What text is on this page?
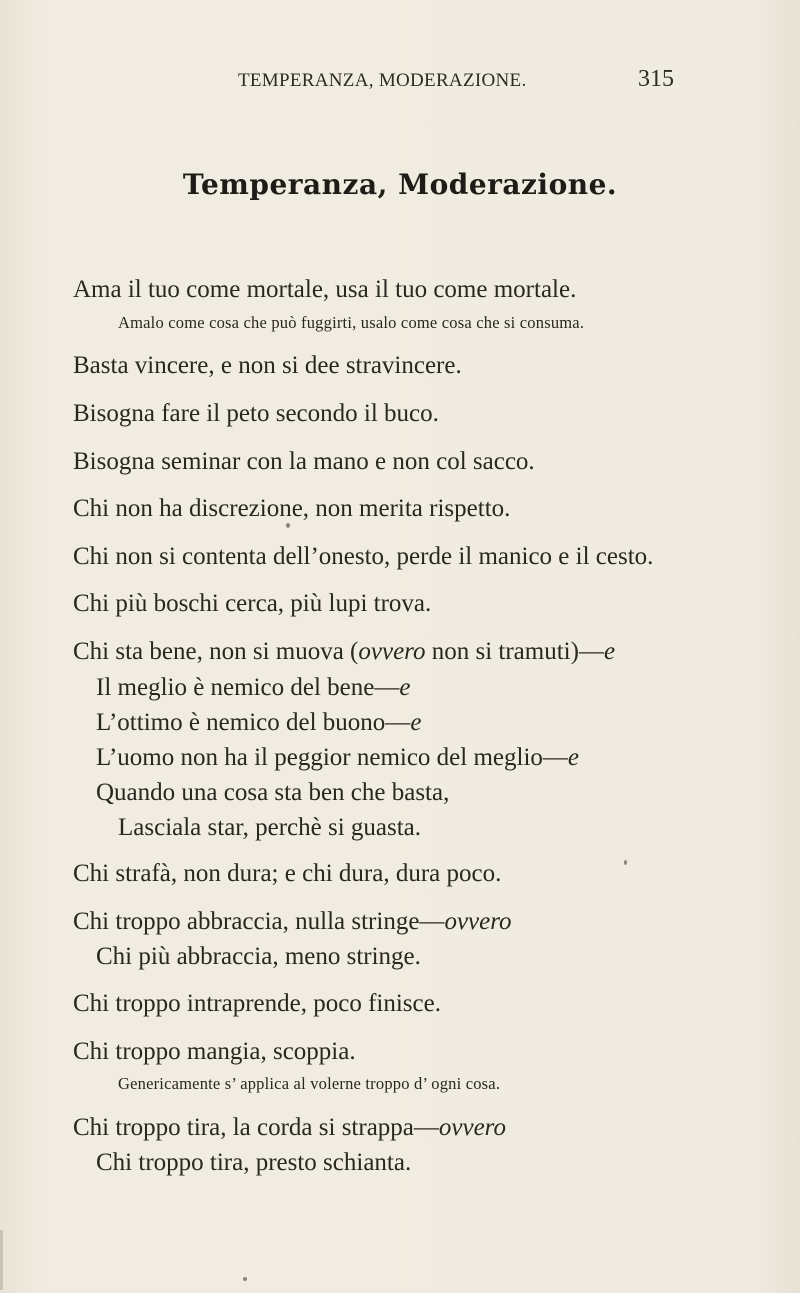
TEMPERANZA, MODERAZIONE.	315
Temperanza, Moderazione.
Ama il tuo come mortale, usa il tuo come mortale.
Amalo come cosa che può fuggirti, usalo come cosa che si consuma.
Basta vincere, e non si dee stravincere.
Bisogna fare il peto secondo il buco.
Bisogna seminar con la mano e non col sacco.
Chi non ha discrezione, non merita rispetto.
Chi non si contenta dell’onesto, perde il manico e il cesto.
Chi più boschi cerca, più lupi trova.
Chi sta bene, non si muova (ovvero non si tramuti)—e
Il meglio è nemico del bene—e
L’ottimo è nemico del buono—e
L’uomo non ha il peggior nemico del meglio—e
Quando una cosa sta ben che basta,
Lasciala star, perchè si guasta.
Chi strafà, non dura; e chi dura, dura poco.
Chi troppo abbraccia, nulla stringe—ovvero
Chi più abbraccia, meno stringe.
Chi troppo intraprende, poco finisce.
Chi troppo mangia, scoppia.
Genericamente s’ applica al volerne troppo d’ ogni cosa.
Chi troppo tira, la corda si strappa—ovvero
Chi troppo tira, presto schianta.
